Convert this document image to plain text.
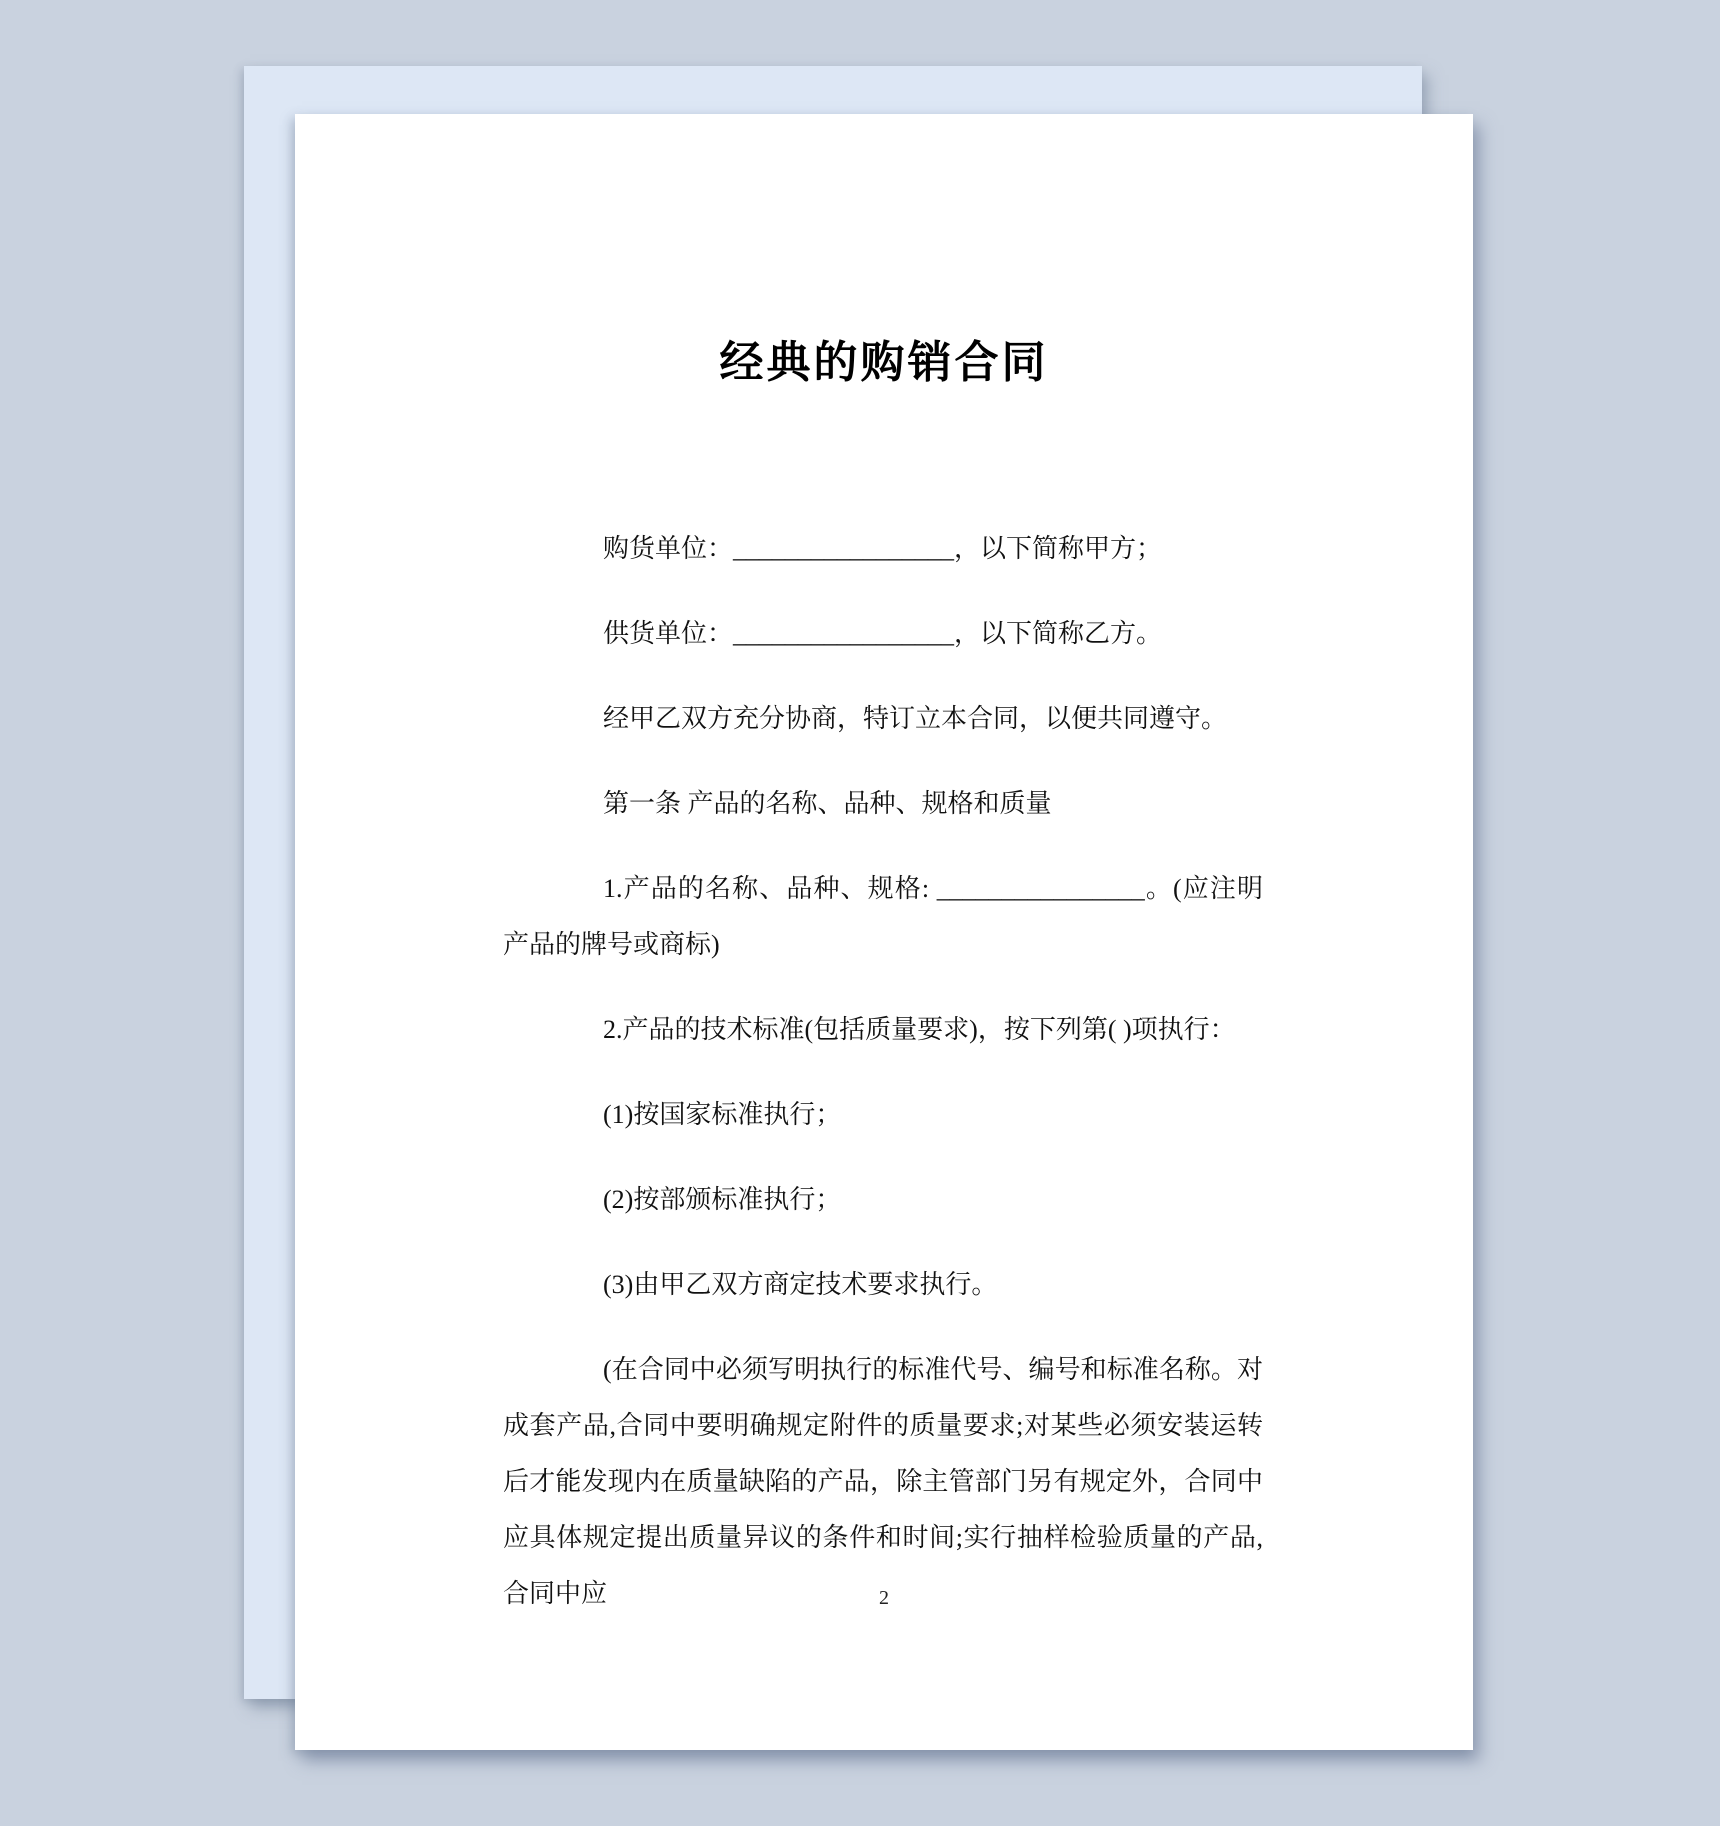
经典的购销合同

购货单位：_________________，以下简称甲方；

供货单位：_________________，以下简称乙方。

经甲乙双方充分协商，特订立本合同，以便共同遵守。

第一条 产品的名称、品种、规格和质量

1.产品的名称、品种、规格: ________________。(应注明产品的牌号或商标)

2.产品的技术标准(包括质量要求)，按下列第( )项执行：

(1)按国家标准执行；

(2)按部颁标准执行；

(3)由甲乙双方商定技术要求执行。

(在合同中必须写明执行的标准代号、编号和标准名称。对成套产品,合同中要明确规定附件的质量要求;对某些必须安装运转后才能发现内在质量缺陷的产品，除主管部门另有规定外，合同中应具体规定提出质量异议的条件和时间;实行抽样检验质量的产品,合同中应	2
